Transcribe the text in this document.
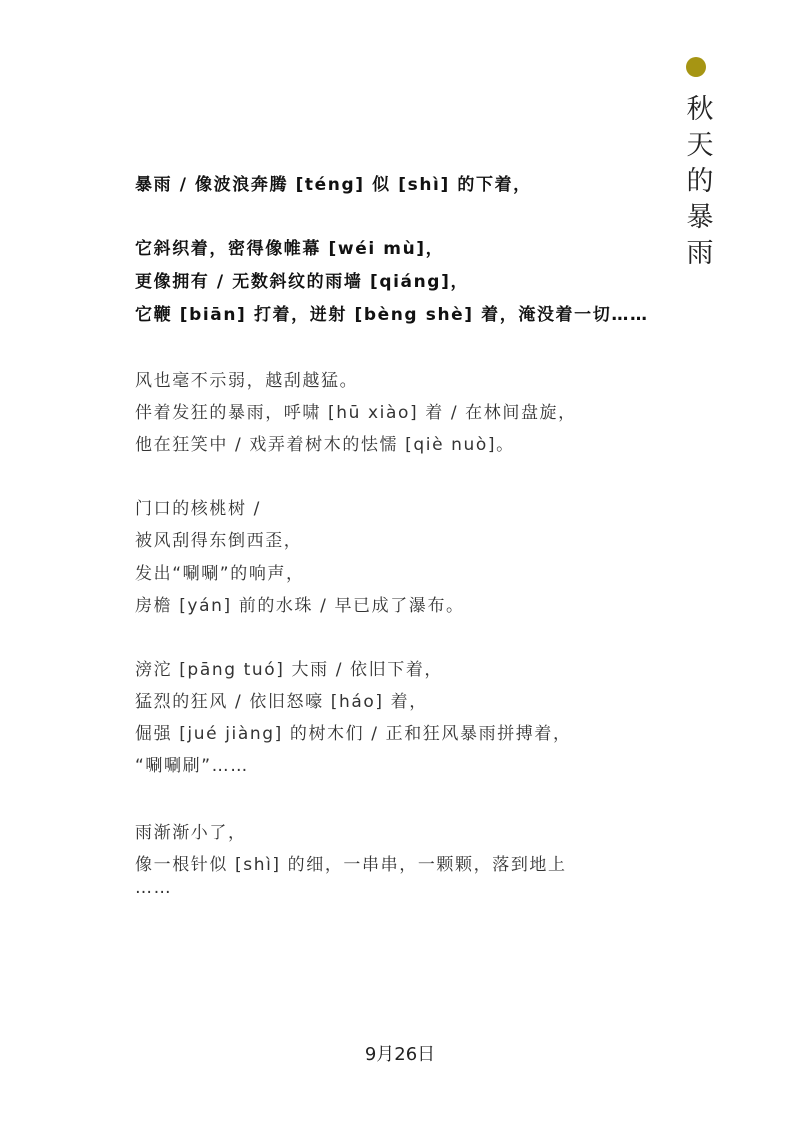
秋
天
的
暴
雨
暴雨 / 像波浪奔腾 [téng] 似 [shì] 的下着，
它斜织着，密得像帷幕 [wéi mù]，
更像拥有 / 无数斜纹的雨墙 [qiáng]，
它鞭 [biān] 打着，迸射 [bèng shè] 着，淹没着一切……
风也毫不示弱，越刮越猛。
伴着发狂的暴雨，呼啸 [hū xiào] 着 / 在林间盘旋，
他在狂笑中 / 戏弄着树木的怯懦 [qiè nuò]。
门口的核桃树 /
被风刮得东倒西歪，
发出“唰唰”的响声，
房檐 [yán] 前的水珠 / 早已成了瀑布。
滂沱 [pāng tuó] 大雨 / 依旧下着，
猛烈的狂风 / 依旧怒嚎 [háo] 着，
倔强 [jué jiàng] 的树木们 / 正和狂风暴雨拼搏着，
“唰唰刷”……
雨渐渐小了，
像一根针似 [shì] 的细，一串串，一颗颗，落到地上
……
9月26日
